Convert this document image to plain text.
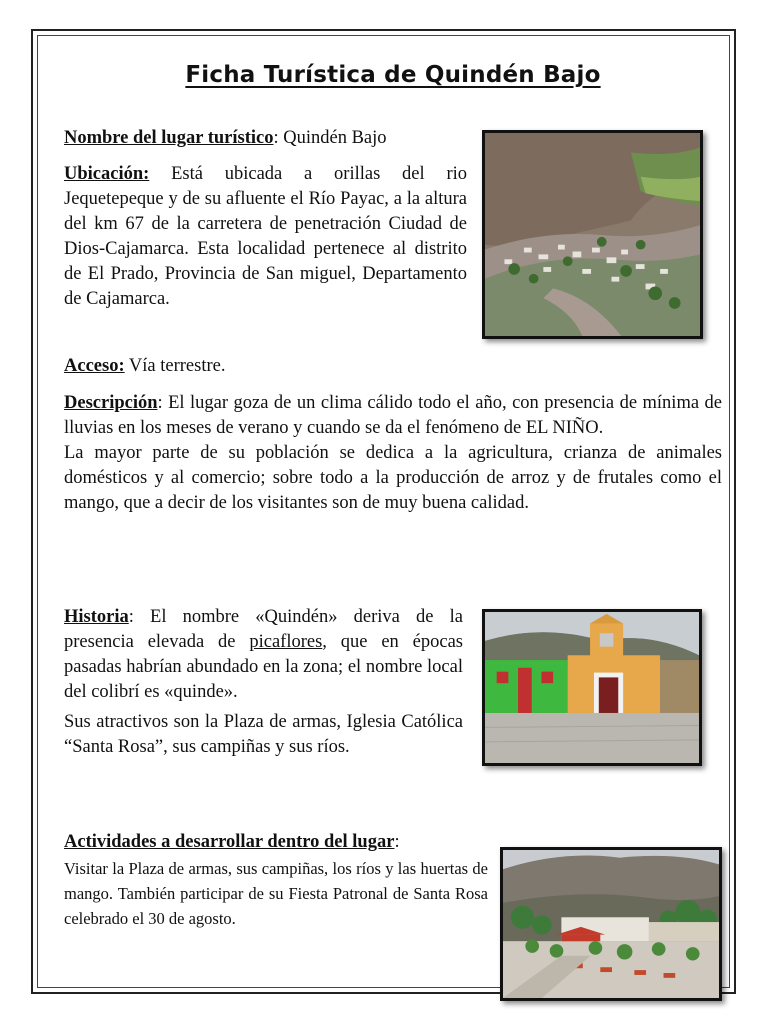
Ficha Turística de Quindén Bajo

Nombre del lugar turístico: Quindén Bajo

Ubicación: Está ubicada a orillas del rio Jequetepeque y de su afluente el Río Payac, a la altura del km 67 de la carretera de penetración Ciudad de Dios-Cajamarca. Esta localidad pertenece al distrito de El Prado, Provincia de San miguel, Departamento de Cajamarca.

Acceso: Vía terrestre.

Descripción: El lugar goza de un clima cálido todo el año, con presencia de mínima de lluvias en los meses de verano y cuando se da el fenómeno de EL NIÑO.

La mayor parte de su población se dedica a la agricultura, crianza de animales domésticos y al comercio; sobre todo a la producción de arroz y de frutales como el mango, que a decir de los visitantes son de muy buena calidad.

Historia: El nombre «Quindén» deriva de la presencia elevada de picaflores, que en épocas pasadas habrían abundado en la zona; el nombre local del colibrí es «quinde».

Sus atractivos son la Plaza de armas, Iglesia Católica “Santa Rosa”, sus campiñas y sus ríos.

Actividades a desarrollar dentro del lugar:

Visitar la Plaza de armas, sus campiñas, los ríos y las huertas de mango. También participar de su Fiesta Patronal de Santa Rosa celebrado el 30 de agosto.
